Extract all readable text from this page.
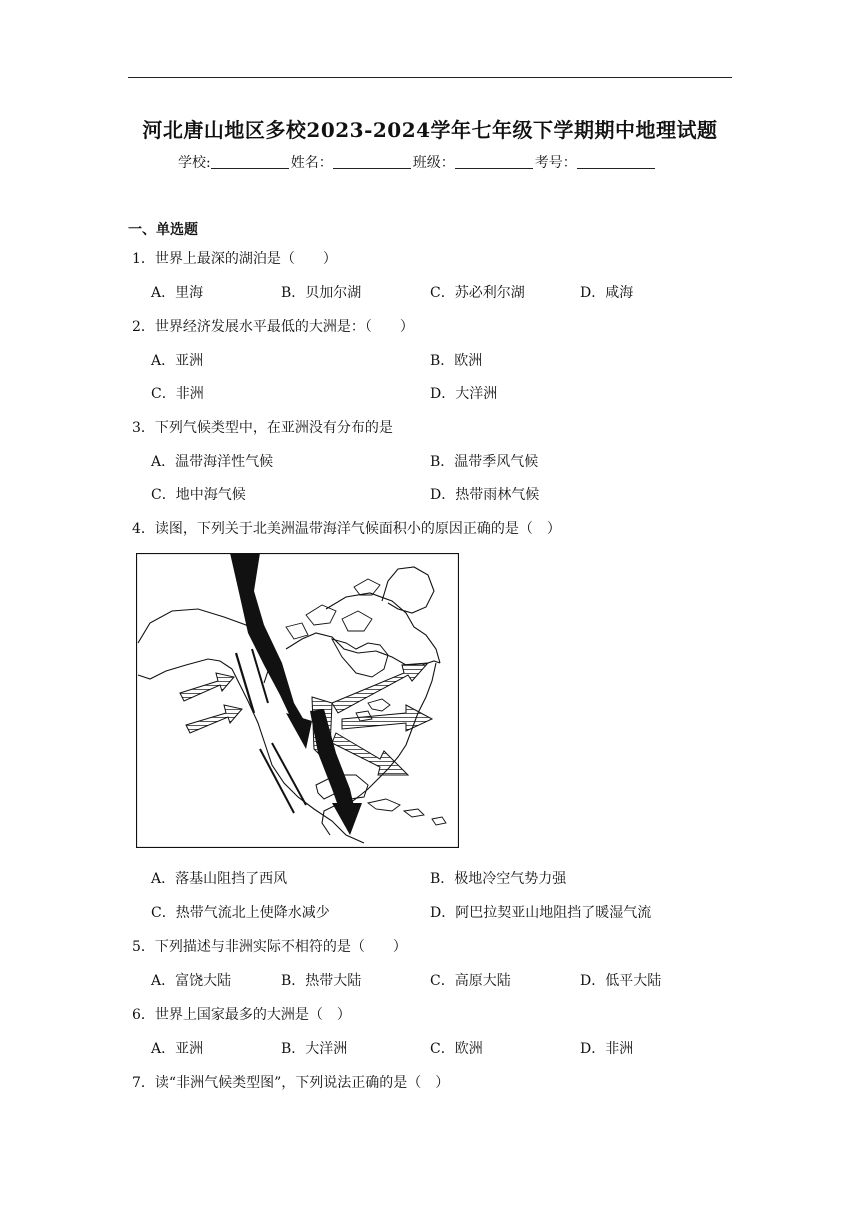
河北唐山地区多校2023-2024学年七年级下学期期中地理试题
学校:	姓名：	班级：	考号：
一、单选题
1．世界上最深的湖泊是（　　）
A．里海	B．贝加尔湖	C．苏必利尔湖	D．咸海
2．世界经济发展水平最低的大洲是：（　　）
A．亚洲	B．欧洲
C．非洲	D．大洋洲
3．下列气候类型中，在亚洲没有分布的是
A．温带海洋性气候	B．温带季风气候
C．地中海气候	D．热带雨林气候
4．读图，下列关于北美洲温带海洋气候面积小的原因正确的是（　）
A．落基山阻挡了西风	B．极地冷空气势力强
C．热带气流北上使降水减少	D．阿巴拉契亚山地阻挡了暖湿气流
5．下列描述与非洲实际不相符的是（　　）
A．富饶大陆	B．热带大陆	C．高原大陆	D．低平大陆
6．世界上国家最多的大洲是（　）
A．亚洲	B．大洋洲	C．欧洲	D．非洲
7．读“非洲气候类型图”，下列说法正确的是（　）
